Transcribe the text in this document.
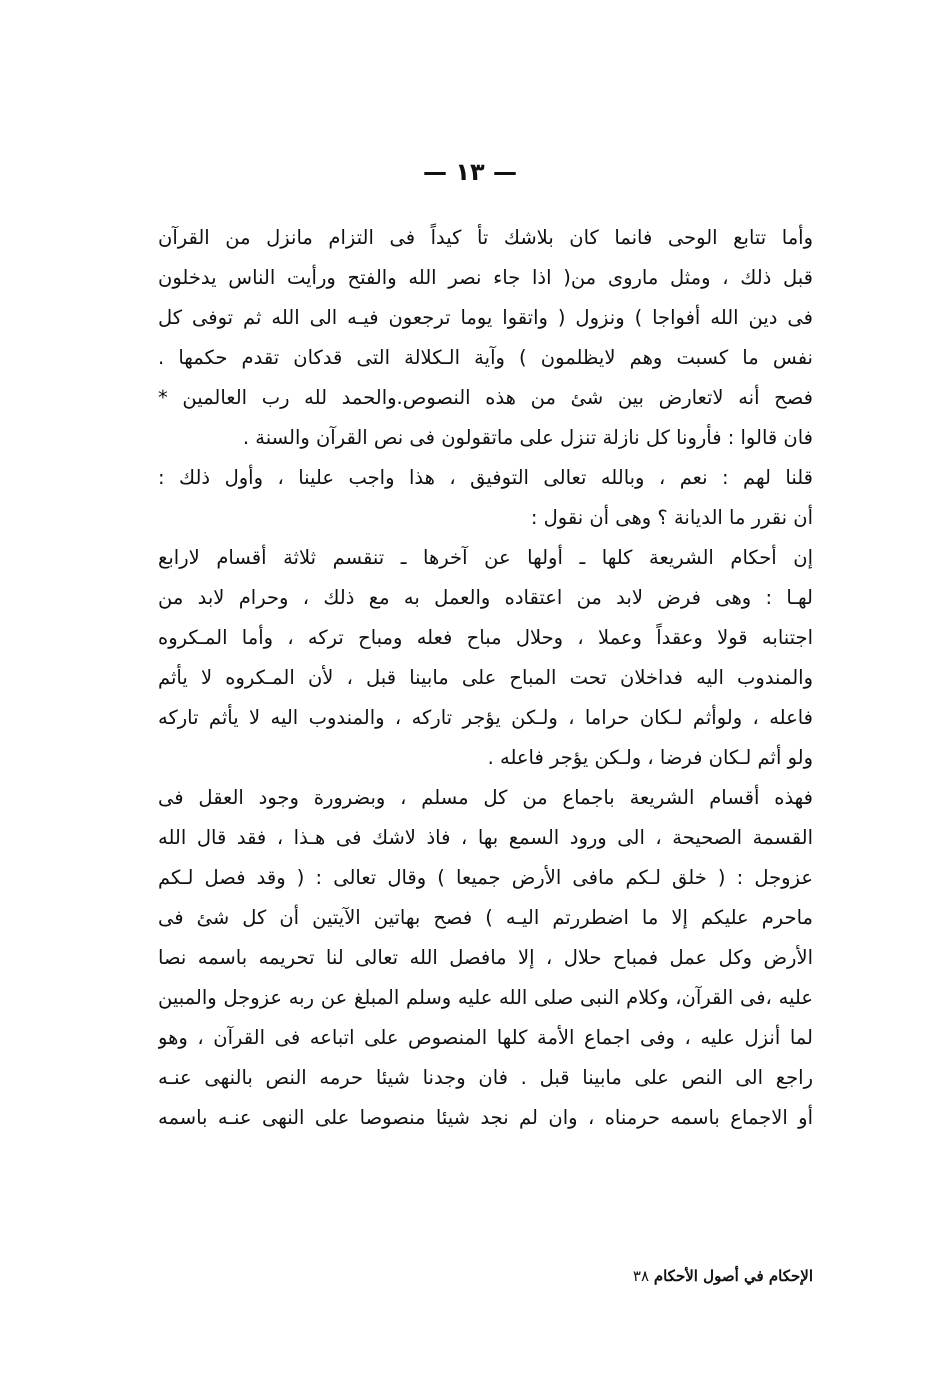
— ١٣ —
وأما تتابع الوحى فانما كان بلاشك تأ كيداً فى التزام مانزل من القرآن
قبل ذلك ، ومثل ماروى من( اذا جاء نصر الله والفتح ورأيت الناس يدخلون
فى دين الله أفواجا ) ونزول ( واتقوا يوما ترجعون فيـه الى الله ثم توفى كل
نفس ما كسبت وهم لايظلمون ) وآية الـكلالة التى قدكان تقدم حكمها .
فصح أنه لاتعارض بين شئ من هذه النصوص.والحمد لله رب العالمين *
فان قالوا : فأرونا كل نازلة تنزل على ماتقولون فى نص القرآن والسنة .
قلنا لهم : نعم ، وبالله تعالى التوفيق ، هذا واجب علينا ، وأول ذلك :
أن نقرر ما الديانة ؟ وهى أن نقول :
إن أحكام الشريعة كلها ـ أولها عن آخرها ـ تنقسم ثلاثة أقسام لارابع
لهـا : وهى فرض لابد من اعتقاده والعمل به مع ذلك ، وحرام لابد من
اجتنابه قولا وعقداً وعملا ، وحلال مباح فعله ومباح تركه ، وأما المـكروه
والمندوب اليه فداخلان تحت المباح على مابينا قبل ، لأن المـكروه لا يأثم
فاعله ، ولوأثم لـكان حراما ، ولـكن يؤجر تاركه ، والمندوب اليه لا يأثم تاركه
ولو أثم لـكان فرضا ، ولـكن يؤجر فاعله .
فهذه أقسام الشريعة باجماع من كل مسلم ، وبضرورة وجود العقل فى
القسمة الصحيحة ، الى ورود السمع بها ، فاذ لاشك فى هـذا ، فقد قال الله
عزوجل : ( خلق لـكم مافى الأرض جميعا ) وقال تعالى : ( وقد فصل لـكم
ماحرم عليكم إلا ما اضطررتم اليـه ) فصح بهاتين الآيتين أن كل شئ فى
الأرض وكل عمل فمباح حلال ، إلا مافصل الله تعالى لنا تحريمه باسمه نصا
عليه ،فى القرآن، وكلام النبى صلى الله عليه وسلم المبلغ عن ربه عزوجل والمبين
لما أنزل عليه ، وفى اجماع الأمة كلها المنصوص على اتباعه فى القرآن ، وهو
راجع الى النص على مابينا قبل . فان وجدنا شيئا حرمه النص بالنهى عنـه
أو الاجماع باسمه حرمناه ، وان لم نجد شيئا منصوصا على النهى عنـه باسمه
الإحكام في أصول الأحكام ٣٨
